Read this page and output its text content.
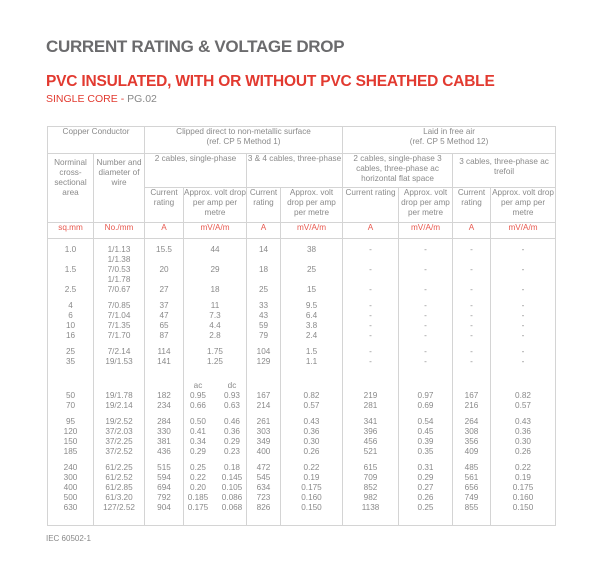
CURRENT RATING & VOLTAGE DROP
PVC INSULATED, WITH OR WITHOUT PVC SHEATHED CABLE
SINGLE CORE - PG.02
Copper Conductor		Clipped direct to non-metallic surface
(ref. CP 5 Method 1)				Laid in free air
(ref. CP 5 Method 12)			
Norminal cross-sectional area	Number and diameter of wire	2 cables, single-phase		3 & 4 cables, three-phase		2 cables, single-phase 3 cables, three-phase ac horizontal flat space		3 cables, three-phase ac trefoil	
		Current rating	Approx. volt drop per amp per metre	Current rating	Approx. volt drop per amp per metre	Current rating	Approx. volt drop per amp per metre	Current rating	Approx. volt drop per amp per metre
sq.mm	No./mm	A	mV/A/m	A	mV/A/m	A	mV/A/m	A	mV/A/m

1.0	1/1.13	15.5	44	14	38	-	-	-	-
	1/1.38								
1.5	7/0.53	20	29	18	25	-	-	-	-
	1/1.78								
2.5	7/0.67	27	18	25	15	-	-	-	-

4	7/0.85	37	11	33	9.5	-	-	-	-
6	7/1.04	47	7.3	43	6.4	-	-	-	-
10	7/1.35	65	4.4	59	3.8	-	-	-	-
16	7/1.70	87	2.8	79	2.4	-	-	-	-

25	7/2.14	114	1.75	104	1.5	-	-	-	-
35	19/1.53	141	1.25	129	1.1	-	-	-	-

			ac dc						

50	19/1.78	182	0.95 0.93	167	0.82	219	0.97	167	0.82
70	19/2.14	234	0.66 0.63	214	0.57	281	0.69	216	0.57

95	19/2.52	284	0.50 0.46	261	0.43	341	0.54	264	0.43
120	37/2.03	330	0.41 0.36	303	0.36	396	0.45	308	0.36
150	37/2.25	381	0.34 0.29	349	0.30	456	0.39	356	0.30
185	37/2.52	436	0.29 0.23	400	0.26	521	0.35	409	0.26

240	61/2.25	515	0.25 0.18	472	0.22	615	0.31	485	0.22
300	61/2.52	594	0.22 0.145	545	0.19	709	0.29	561	0.19
400	61/2.85	694	0.20 0.105	634	0.175	852	0.27	656	0.175
500	61/3.20	792	0.185 0.086	723	0.160	982	0.26	749	0.160
630	127/2.52	904	0.175 0.068	826	0.150	1138	0.25	855	0.150
IEC 60502-1
